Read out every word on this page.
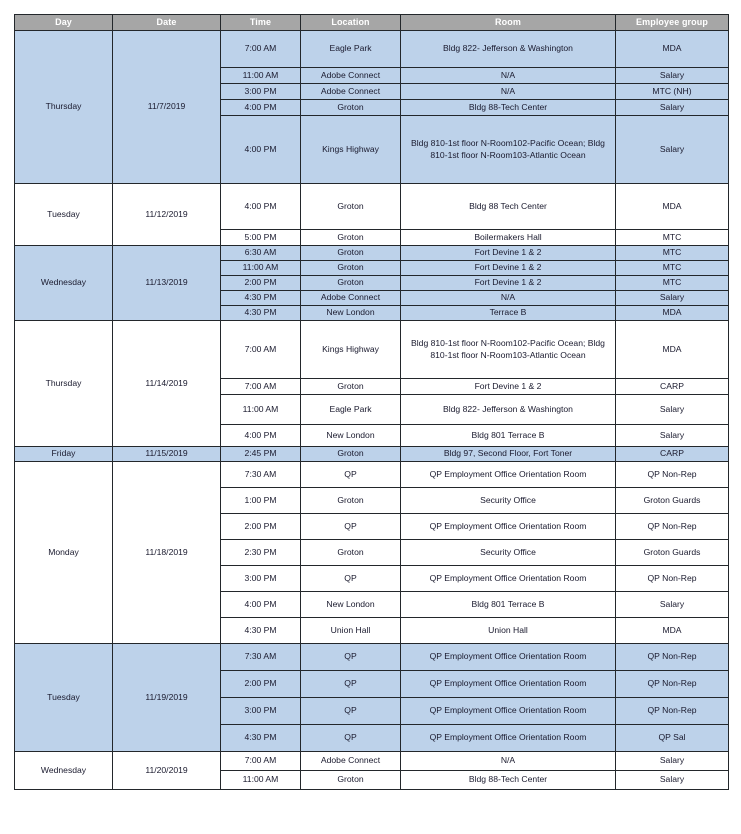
Day	Date	Time	Location	Room	Employee group
Thursday	11/7/2019	7:00 AM	Eagle Park	Bldg 822- Jefferson & Washington	MDA
		11:00 AM	Adobe Connect	N/A	Salary
		3:00 PM	Adobe Connect	N/A	MTC (NH)
		4:00 PM	Groton	Bldg 88-Tech Center	Salary
		4:00 PM	Kings Highway	Bldg 810-1st floor N-Room102-Pacific Ocean; Bldg 810-1st floor N-Room103-Atlantic Ocean	Salary
Tuesday	11/12/2019	4:00 PM	Groton	Bldg 88 Tech Center	MDA
		5:00 PM	Groton	Boilermakers Hall	MTC
Wednesday	11/13/2019	6:30 AM	Groton	Fort Devine 1 & 2	MTC
		11:00 AM	Groton	Fort Devine 1 & 2	MTC
		2:00 PM	Groton	Fort Devine 1 & 2	MTC
		4:30 PM	Adobe Connect	N/A	Salary
		4:30 PM	New London	Terrace B	MDA
Thursday	11/14/2019	7:00 AM	Kings Highway	Bldg 810-1st floor N-Room102-Pacific Ocean; Bldg 810-1st floor N-Room103-Atlantic Ocean	MDA
		7:00 AM	Groton	Fort Devine 1 & 2	CARP
		11:00 AM	Eagle Park	Bldg 822- Jefferson & Washington	Salary
		4:00 PM	New London	Bldg 801 Terrace B	Salary
Friday	11/15/2019	2:45 PM	Groton	Bldg 97, Second Floor, Fort Toner	CARP
Monday	11/18/2019	7:30 AM	QP	QP Employment Office Orientation Room	QP Non-Rep
		1:00 PM	Groton	Security Office	Groton Guards
		2:00 PM	QP	QP Employment Office Orientation Room	QP Non-Rep
		2:30 PM	Groton	Security Office	Groton Guards
		3:00 PM	QP	QP Employment Office Orientation Room	QP Non-Rep
		4:00 PM	New London	Bldg 801 Terrace B	Salary
		4:30 PM	Union Hall	Union Hall	MDA
Tuesday	11/19/2019	7:30 AM	QP	QP Employment Office Orientation Room	QP Non-Rep
		2:00 PM	QP	QP Employment Office Orientation Room	QP Non-Rep
		3:00 PM	QP	QP Employment Office Orientation Room	QP Non-Rep
		4:30 PM	QP	QP Employment Office Orientation Room	QP Sal
Wednesday	11/20/2019	7:00 AM	Adobe Connect	N/A	Salary
		11:00 AM	Groton	Bldg 88-Tech Center	Salary
